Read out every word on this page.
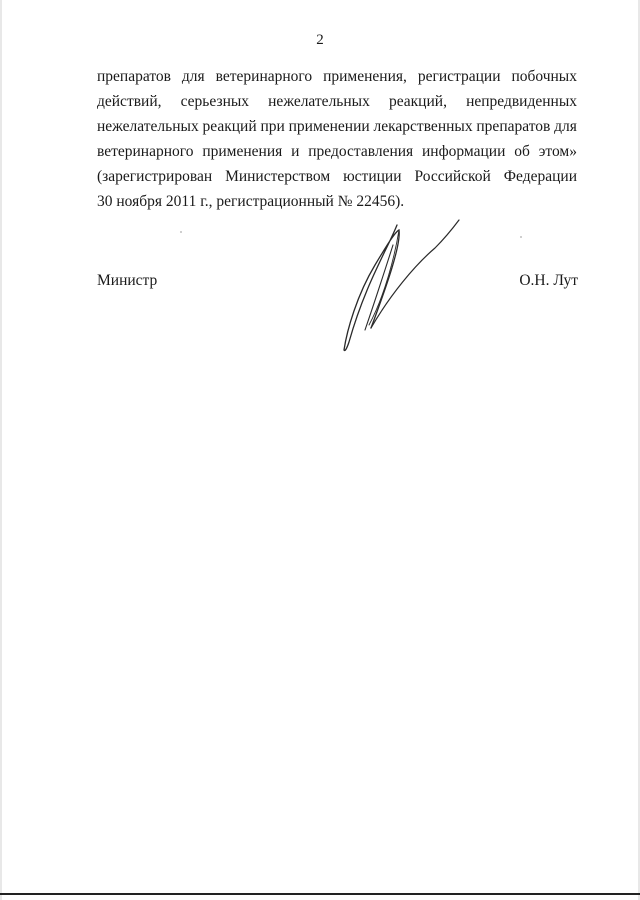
2
препаратов для ветеринарного применения, регистрации побочных
действий, серьезных нежелательных реакций, непредвиденных
нежелательных реакций при применении лекарственных препаратов для
ветеринарного применения и предоставления информации об этом»
(зарегистрирован Министерством юстиции Российской Федерации
30 ноября 2011 г., регистрационный № 22456).
Министр	О.Н. Лут
